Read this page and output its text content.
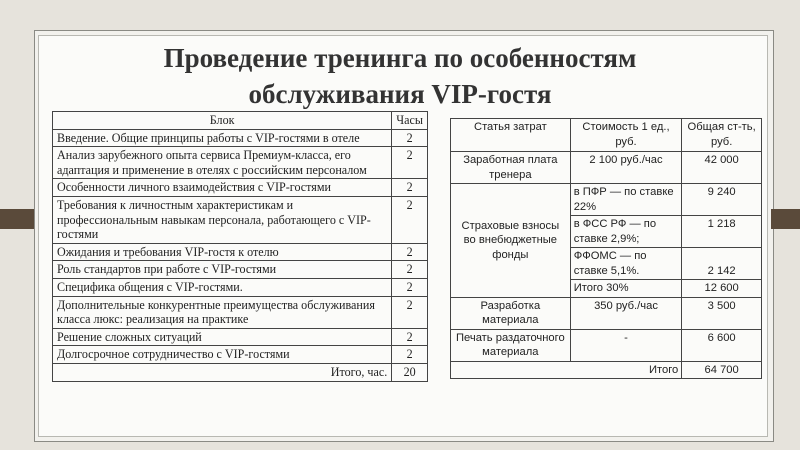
Проведение тренинга по особенностям
обслуживания VIP-гостя
Блок	Часы
Введение. Общие принципы работы с VIP-гостями в отеле	2
Анализ зарубежного опыта сервиса Премиум-класса, его адаптация и применение в отелях с российским персоналом	2
Особенности личного взаимодействия с VIP-гостями	2
Требования к личностным характеристикам и профессиональным навыкам персонала, работающего с VIP-гостями	2
Ожидания и требования VIP-гостя к отелю	2
Роль стандартов при работе с VIP-гостями	2
Специфика общения с VIP-гостями.	2
Дополнительные конкурентные преимущества обслуживания класса люкс: реализация на практике	2
Решение сложных ситуаций	2
Долгосрочное сотрудничество с VIP-гостями	2
Итого, час.	20
Статья затрат	Стоимость 1 ед., руб.	Общая ст-ть, руб.
Заработная плата тренера	2 100 руб./час	42 000
Страховые взносы во внебюджетные фонды	в ПФР — по ставке 22%	9 240
	в ФСС РФ — по ставке 2,9%;	1 218
	ФФОМС — по ставке 5,1%.	2 142
	Итого 30%	12 600
Разработка материала	350 руб./час	3 500
Печать раздаточного материала	-	6 600
Итого		64 700
